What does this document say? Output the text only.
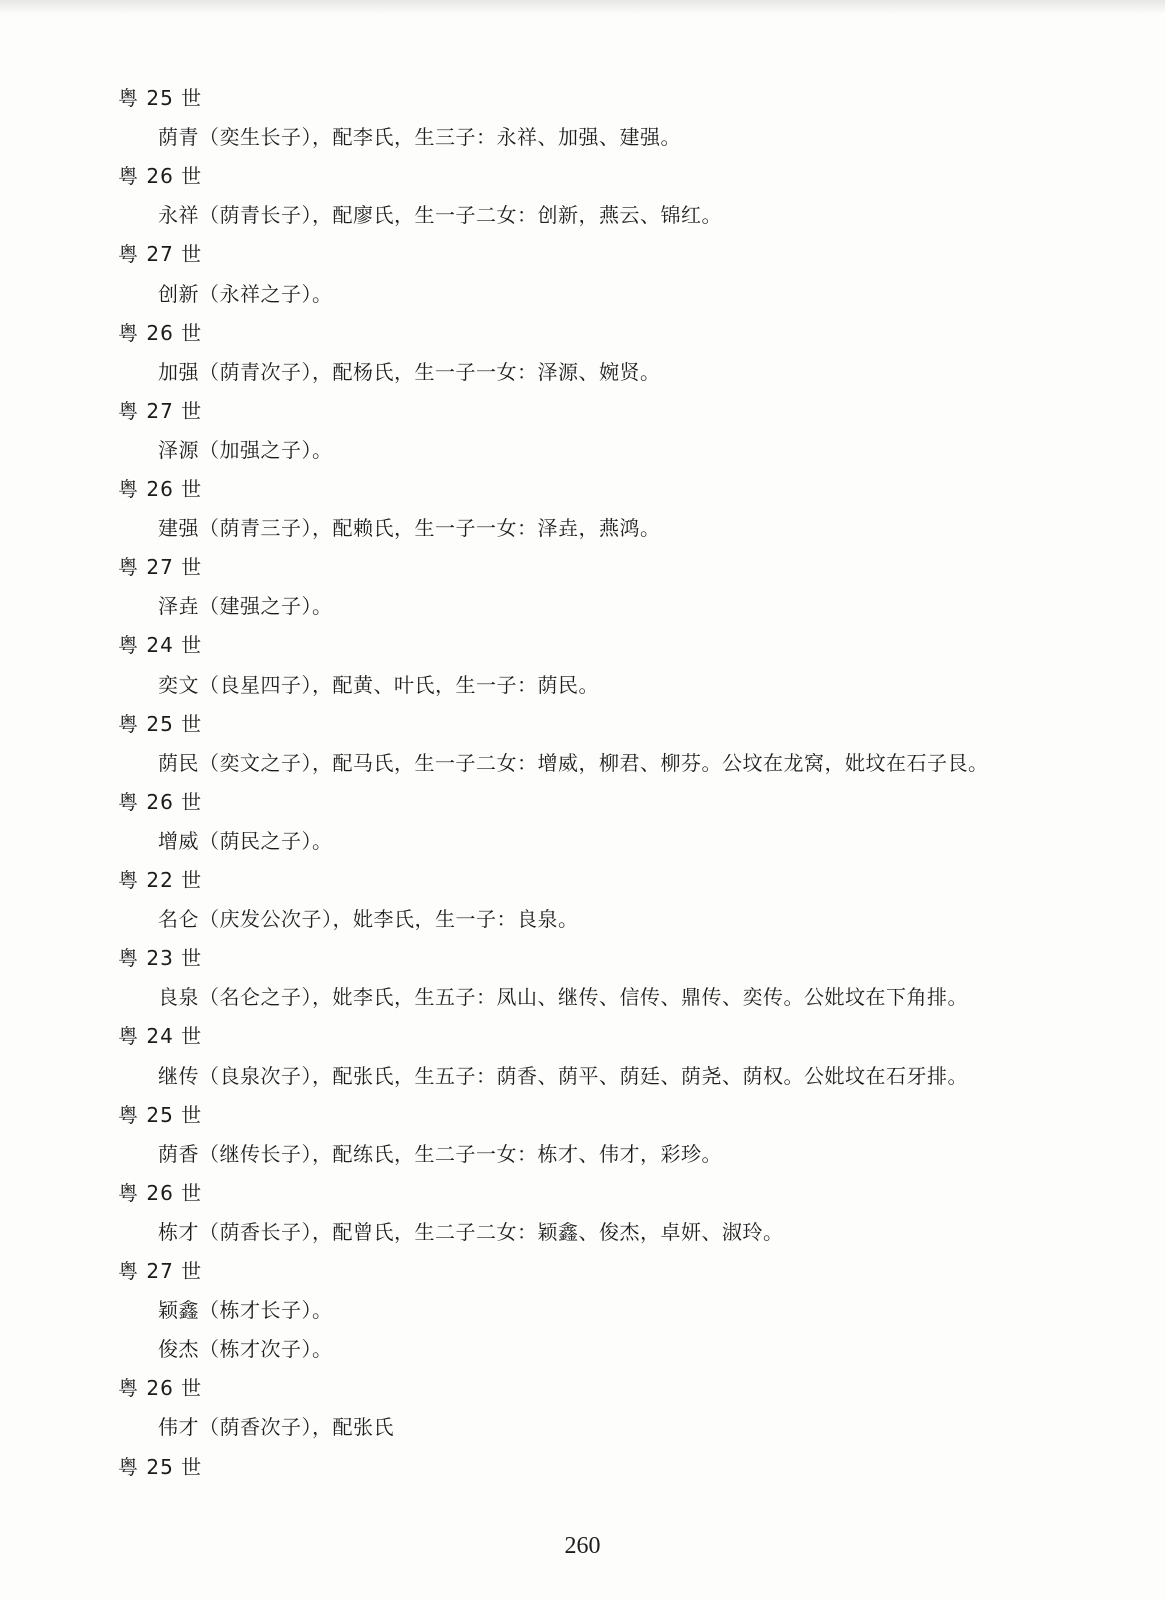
粤 25 世
荫青（奕生长子），配李氏，生三子：永祥、加强、建强。
粤 26 世
永祥（荫青长子），配廖氏，生一子二女：创新，燕云、锦红。
粤 27 世
创新（永祥之子）。
粤 26 世
加强（荫青次子），配杨氏，生一子一女：泽源、婉贤。
粤 27 世
泽源（加强之子）。
粤 26 世
建强（荫青三子），配赖氏，生一子一女：泽垚，燕鸿。
粤 27 世
泽垚（建强之子）。
粤 24 世
奕文（良星四子），配黄、叶氏，生一子：荫民。
粤 25 世
荫民（奕文之子），配马氏，生一子二女：增威，柳君、柳芬。公坟在龙窝，妣坟在石子艮。
粤 26 世
增威（荫民之子）。
粤 22 世
名仑（庆发公次子），妣李氏，生一子：良泉。
粤 23 世
良泉（名仑之子），妣李氏，生五子：凤山、继传、信传、鼎传、奕传。公妣坟在下角排。
粤 24 世
继传（良泉次子），配张氏，生五子：荫香、荫平、荫廷、荫尧、荫权。公妣坟在石牙排。
粤 25 世
荫香（继传长子），配练氏，生二子一女：栋才、伟才，彩珍。
粤 26 世
栋才（荫香长子），配曾氏，生二子二女：颖鑫、俊杰，卓妍、淑玲。
粤 27 世
颖鑫（栋才长子）。
俊杰（栋才次子）。
粤 26 世
伟才（荫香次子），配张氏
粤 25 世
260
